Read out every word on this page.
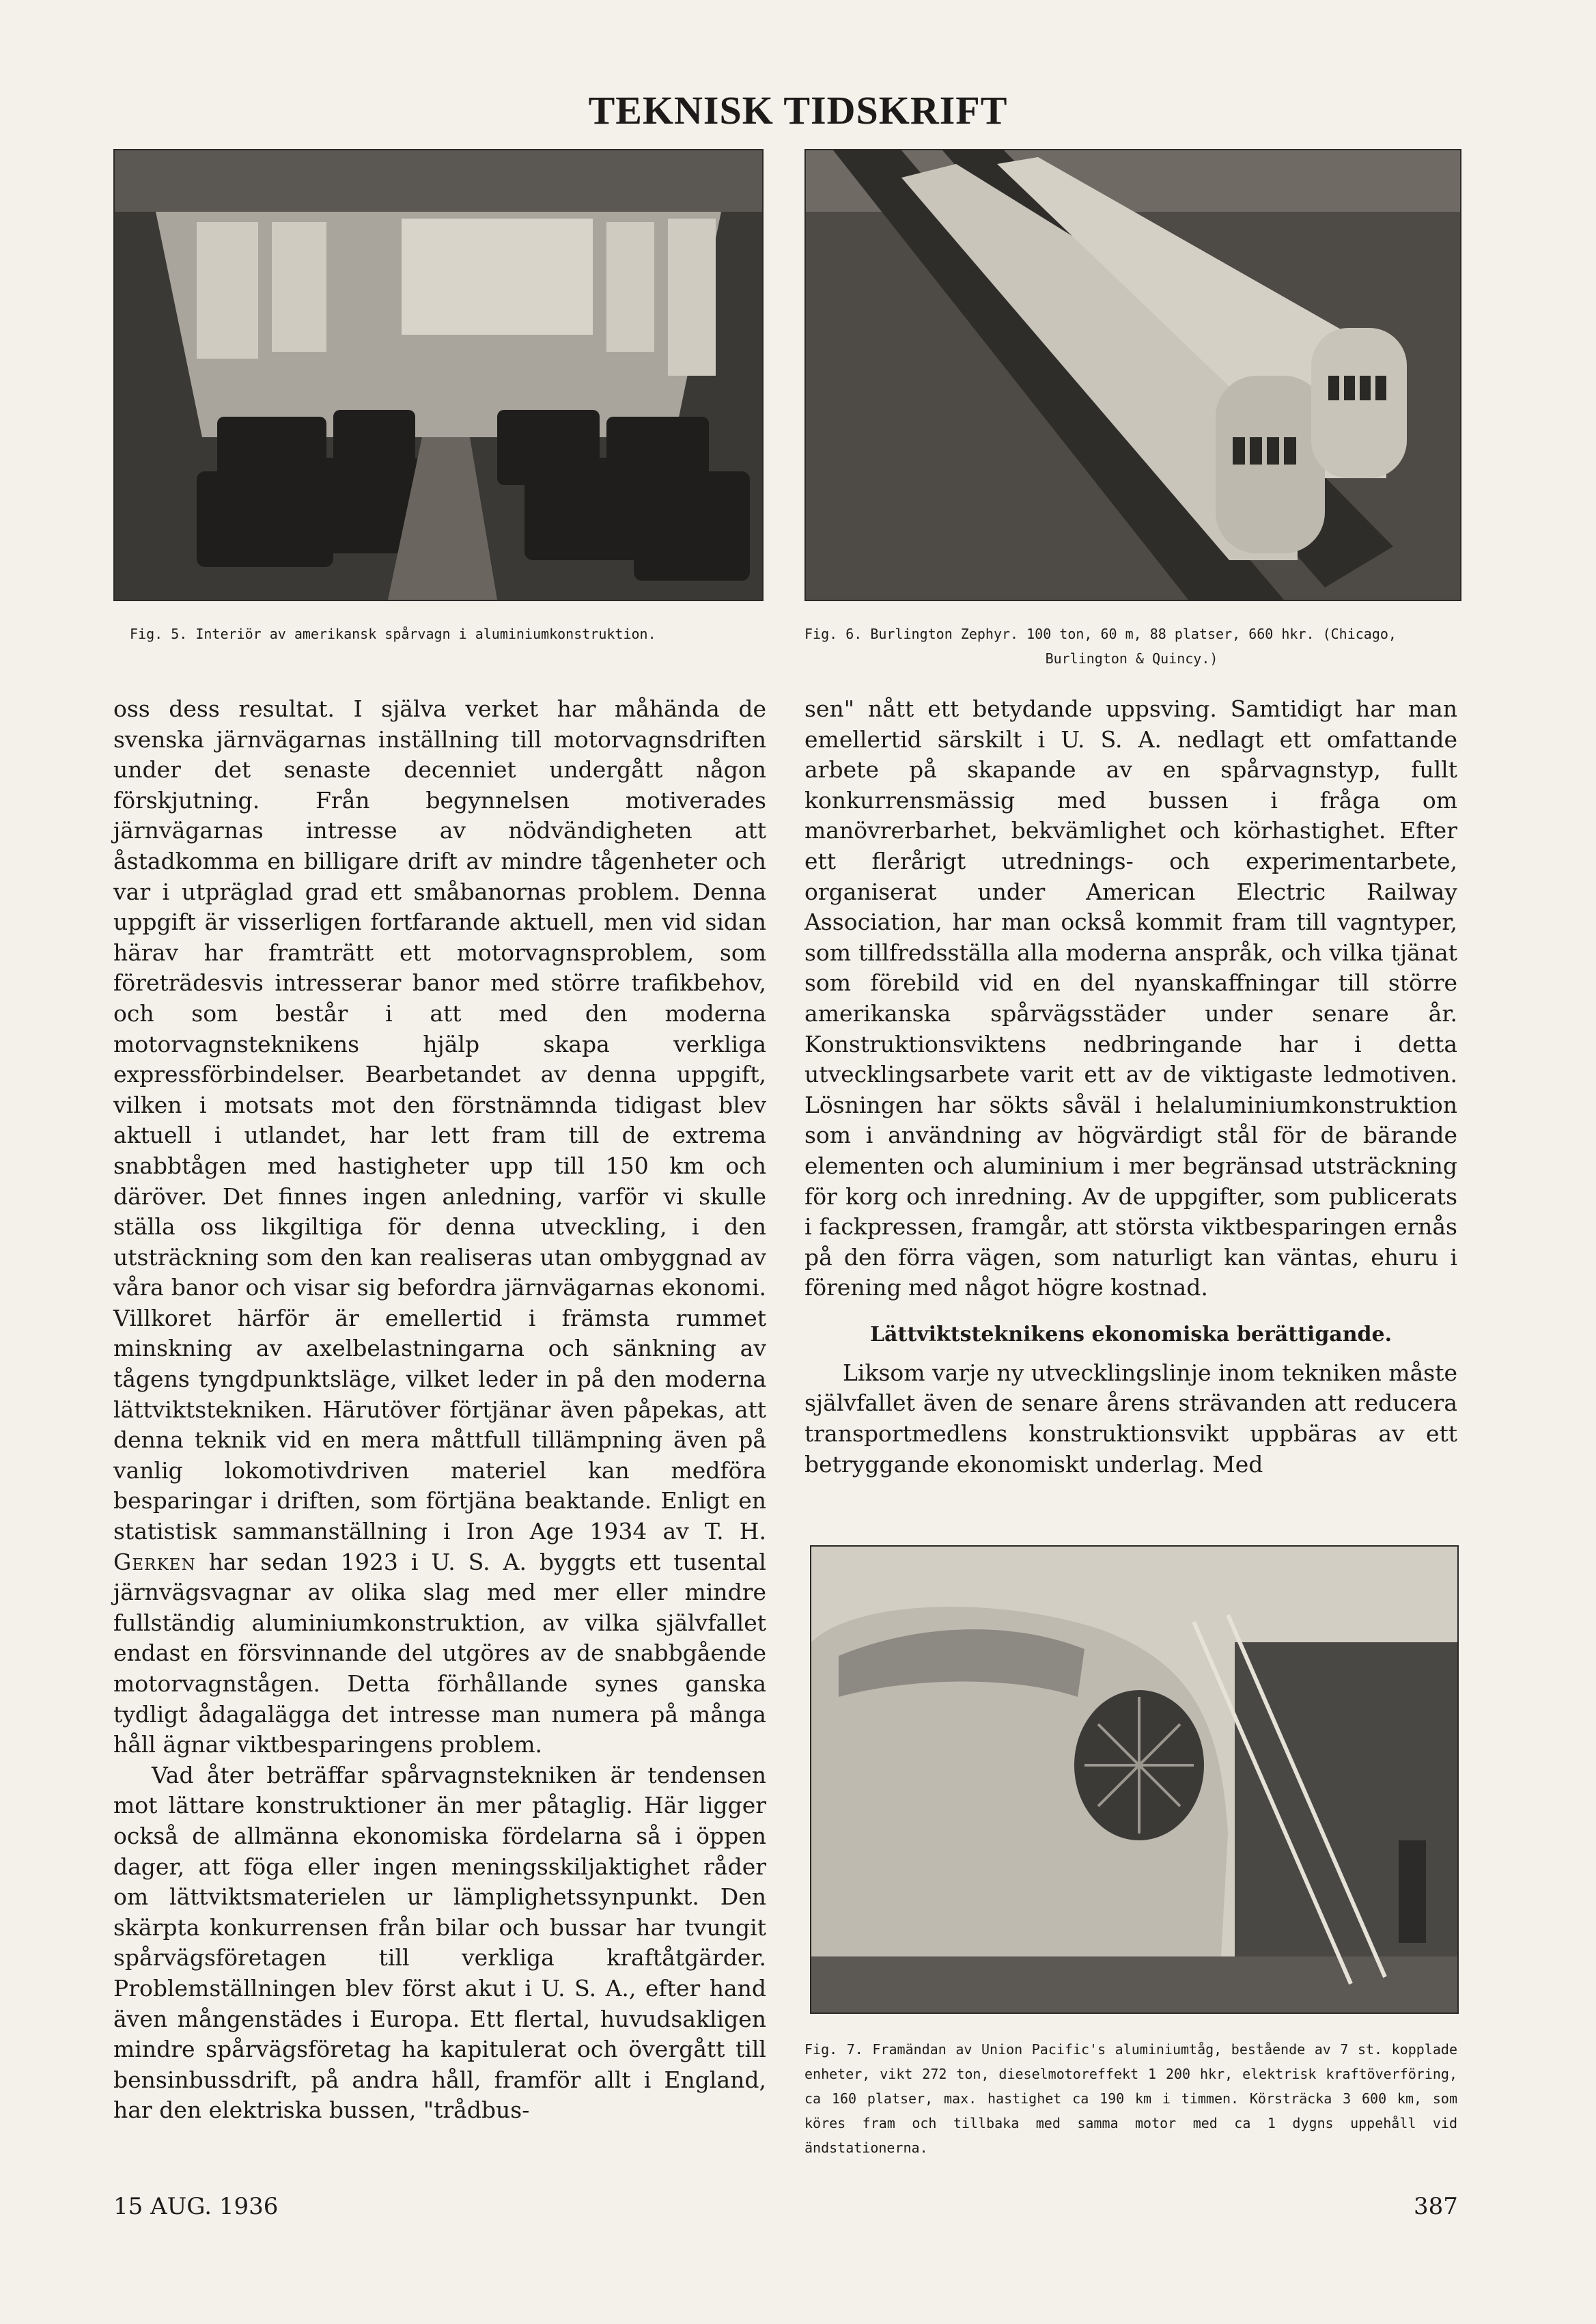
TEKNISK TIDSKRIFT
Fig. 5. Interiör av amerikansk spårvagn i aluminiumkonstruktion.	Fig. 6. Burlington Zephyr. 100 ton, 60 m, 88 platser, 660 hkr. (Chicago,
Burlington & Quincy.)

oss dess resultat. I själva verket har måhända de svenska järnvägarnas inställning till motorvagnsdriften under det senaste decenniet undergått någon förskjutning. Från begynnelsen motiverades järnvägarnas intresse av nödvändigheten att åstadkomma en billigare drift av mindre tågenheter och var i utpräglad grad ett småbanornas problem. Denna uppgift är visserligen fortfarande aktuell, men vid sidan härav har framträtt ett motorvagnsproblem, som företrädesvis intresserar banor med större trafikbehov, och som består i att med den moderna motorvagnsteknikens hjälp skapa verkliga expressförbindelser. Bearbetandet av denna uppgift, vilken i motsats mot den förstnämnda tidigast blev aktuell i utlandet, har lett fram till de extrema snabbtågen med hastigheter upp till 150 km och däröver. Det finnes ingen anledning, varför vi skulle ställa oss likgiltiga för denna utveckling, i den utsträckning som den kan realiseras utan ombyggnad av våra banor och visar sig befordra järnvägarnas ekonomi. Villkoret härför är emellertid i främsta rummet minskning av axelbelastningarna och sänkning av tågens tyngdpunktsläge, vilket leder in på den moderna lättviktstekniken. Härutöver förtjänar även påpekas, att denna teknik vid en mera måttfull tillämpning även på vanlig lokomotivdriven materiel kan medföra besparingar i driften, som förtjäna beaktande. Enligt en statistisk sammanställning i Iron Age 1934 av T. H. Gerken har sedan 1923 i U. S. A. byggts ett tusental järnvägsvagnar av olika slag med mer eller mindre fullständig aluminiumkonstruktion, av vilka självfallet endast en försvinnande del utgöres av de snabbgående motorvagnstågen. Detta förhållande synes ganska tydligt ådagalägga det intresse man numera på många håll ägnar viktbesparingens problem.

Vad åter beträffar spårvagnstekniken är tendensen mot lättare konstruktioner än mer påtaglig. Här ligger också de allmänna ekonomiska fördelarna så i öppen dager, att föga eller ingen meningsskiljaktighet råder om lättviktsmaterielen ur lämplighetssynpunkt. Den skärpta konkurrensen från bilar och bussar har tvungit spårvägsföretagen till verkliga kraftåtgärder. Problemställningen blev först akut i U. S. A., efter hand även mångenstädes i Europa. Ett flertal, huvudsakligen mindre spårvägsföretag ha kapitulerat och övergått till bensinbussdrift, på andra håll, framför allt i England, har den elektriska bussen, "trådbus-

sen" nått ett betydande uppsving. Samtidigt har man emellertid särskilt i U. S. A. nedlagt ett omfattande arbete på skapande av en spårvagnstyp, fullt konkurrensmässig med bussen i fråga om manövrerbarhet, bekvämlighet och körhastighet. Efter ett flerårigt utrednings- och experimentarbete, organiserat under American Electric Railway Association, har man också kommit fram till vagntyper, som tillfredsställa alla moderna anspråk, och vilka tjänat som förebild vid en del nyanskaffningar till större amerikanska spårvägsstäder under senare år. Konstruktionsviktens nedbringande har i detta utvecklingsarbete varit ett av de viktigaste ledmotiven. Lösningen har sökts såväl i helaluminiumkonstruktion som i användning av högvärdigt stål för de bärande elementen och aluminium i mer begränsad utsträckning för korg och inredning. Av de uppgifter, som publicerats i fackpressen, framgår, att största viktbesparingen ernås på den förra vägen, som naturligt kan väntas, ehuru i förening med något högre kostnad.

Lättviktsteknikens ekonomiska berättigande.

Liksom varje ny utvecklingslinje inom tekniken måste självfallet även de senare årens strävanden att reducera transportmedlens konstruktionsvikt uppbäras av ett betryggande ekonomiskt underlag. Med

Fig. 7. Framändan av Union Pacific's aluminiumtåg, bestående av 7 st. kopplade enheter, vikt 272 ton, dieselmotoreffekt 1 200 hkr, elektrisk kraftöverföring, ca 160 platser, max. hastighet ca 190 km i timmen. Körsträcka 3 600 km, som köres fram och tillbaka med samma motor med ca 1 dygns uppehåll vid ändstationerna.
15 AUG. 1936	387
